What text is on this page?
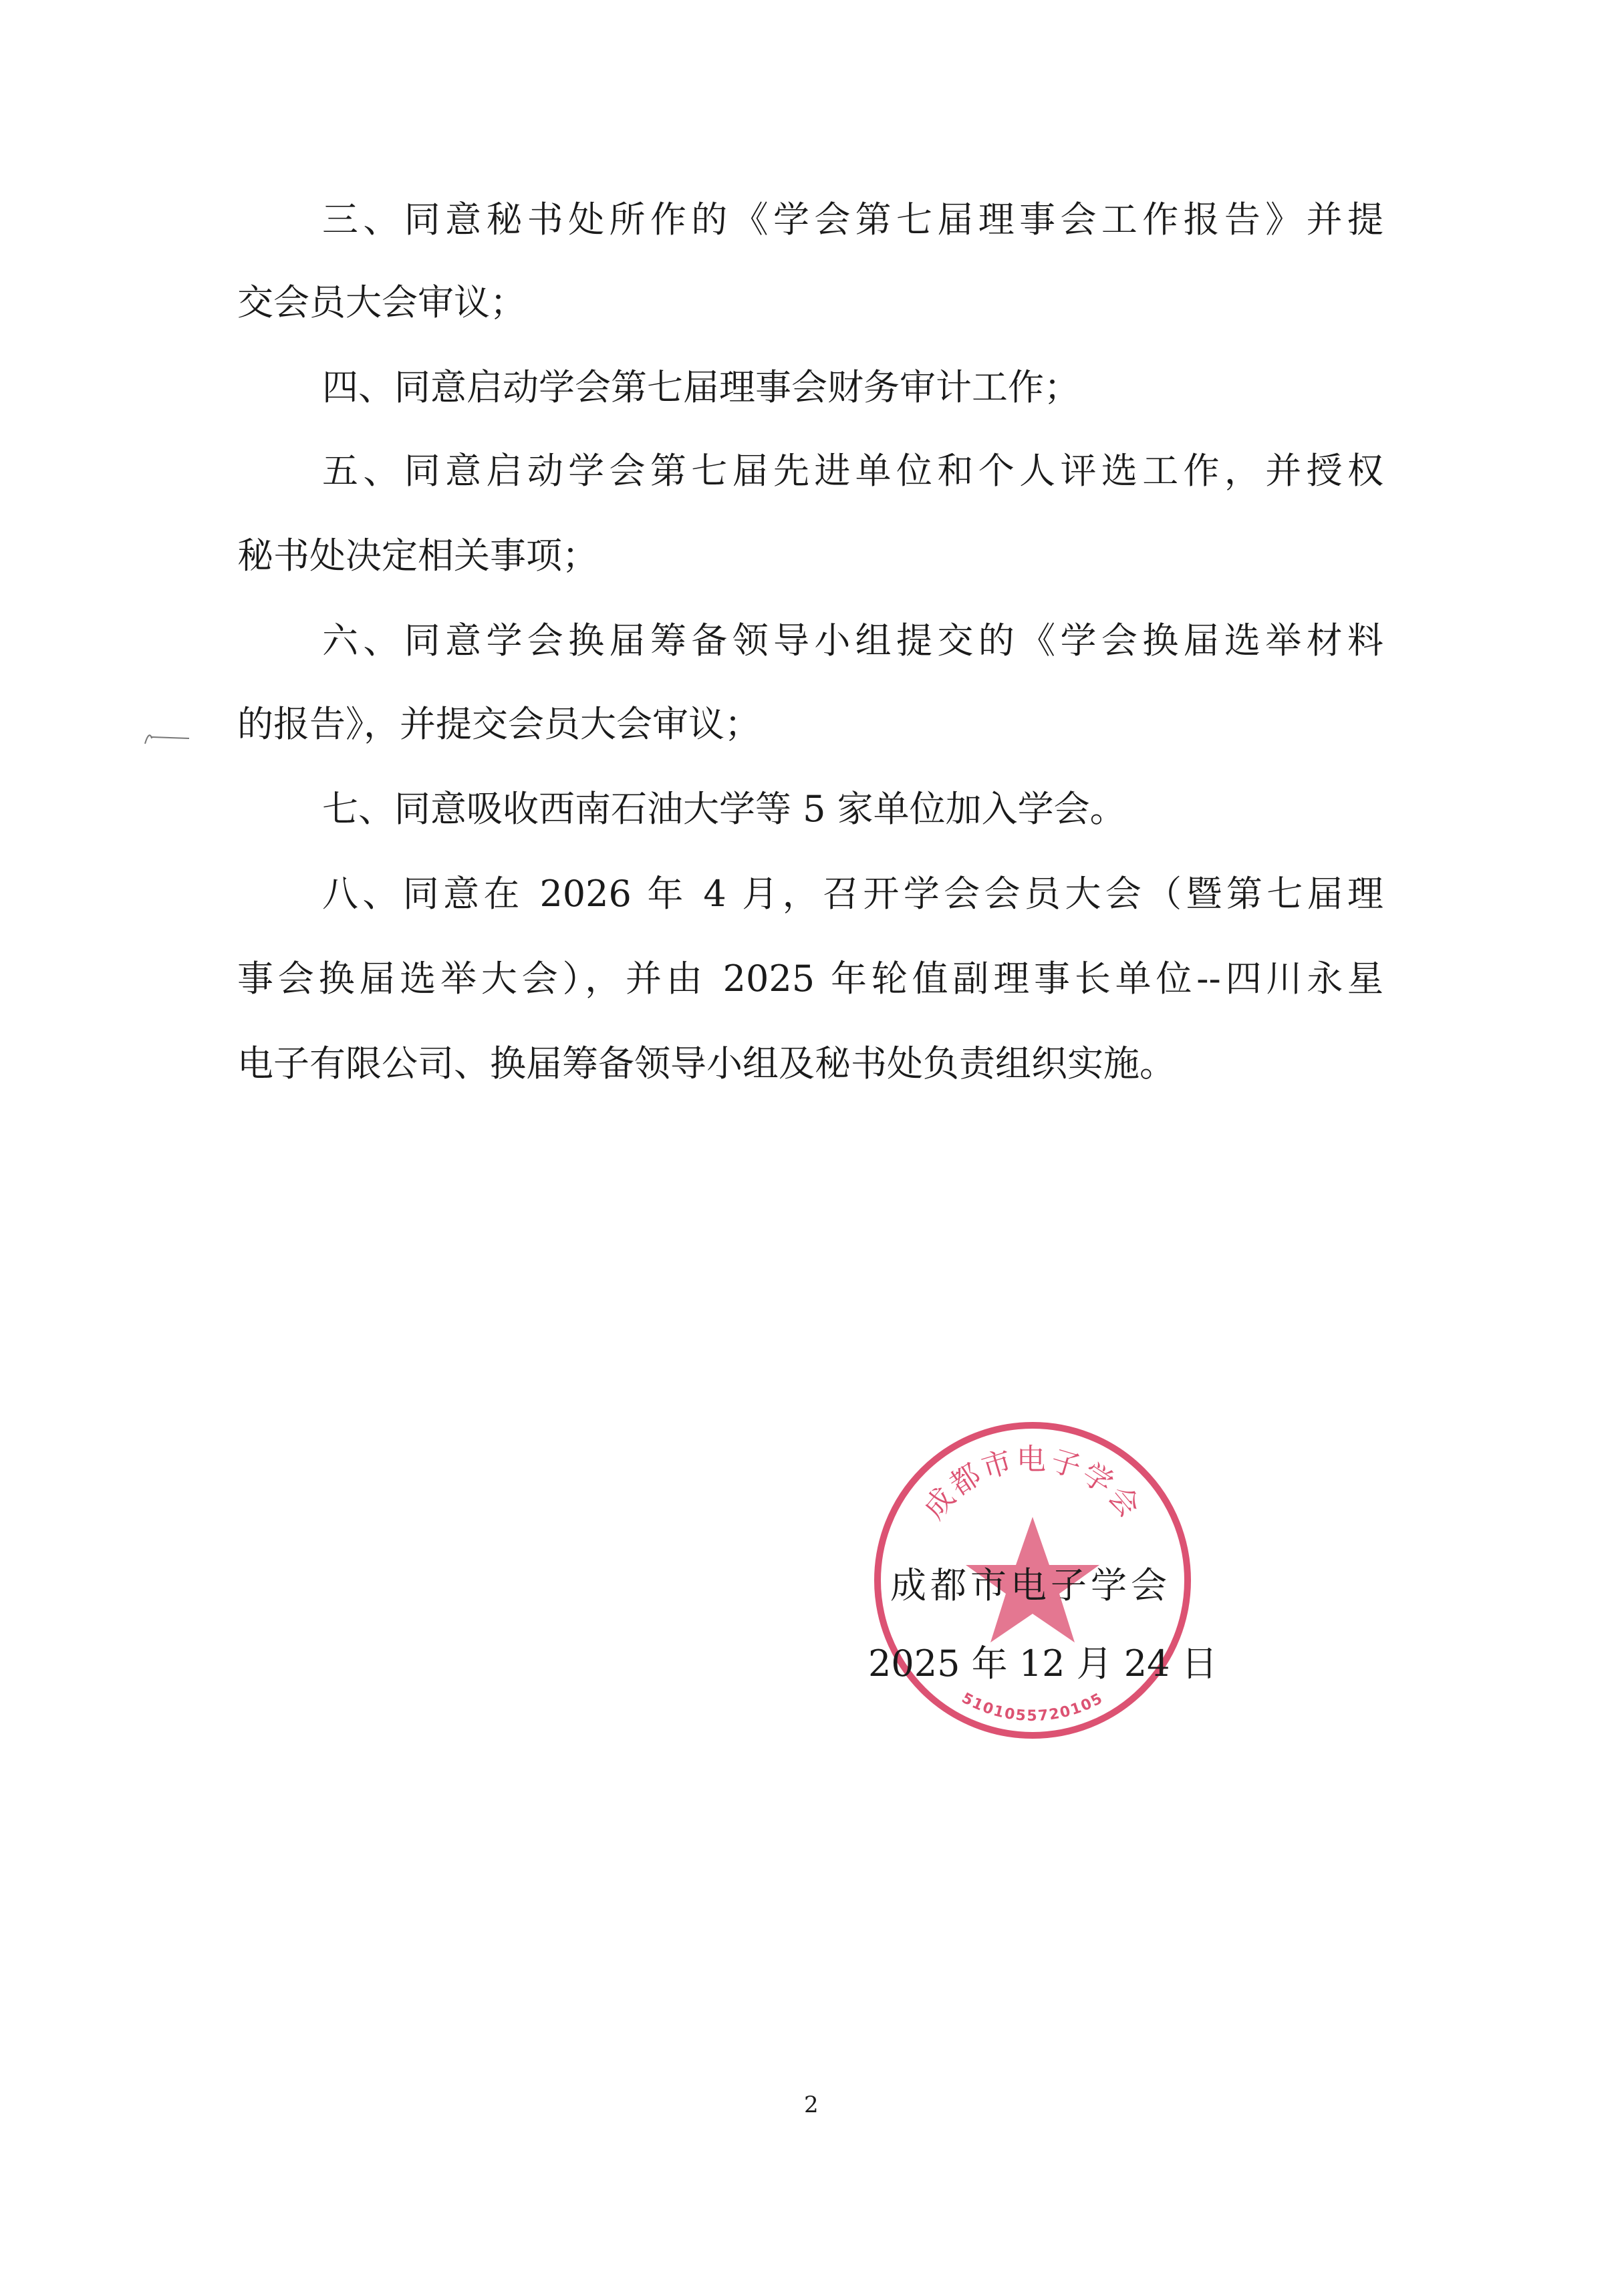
三、同意秘书处所作的《学会第七届理事会工作报告》并提
交会员大会审议；
四、同意启动学会第七届理事会财务审计工作；
五、同意启动学会第七届先进单位和个人评选工作，并授权
秘书处决定相关事项；
六、同意学会换届筹备领导小组提交的《学会换届选举材料
的报告》，并提交会员大会审议；
七、同意吸收西南石油大学等 5 家单位加入学会。
八、同意在 2026 年 4 月，召开学会会员大会（暨第七届理
事会换届选举大会），并由 2025 年轮值副理事长单位--四川永星
电子有限公司、换届筹备领导小组及秘书处负责组织实施。
成都市电子学会
5101055720105
成都市电子学会
2025 年 12 月 24 日
2
